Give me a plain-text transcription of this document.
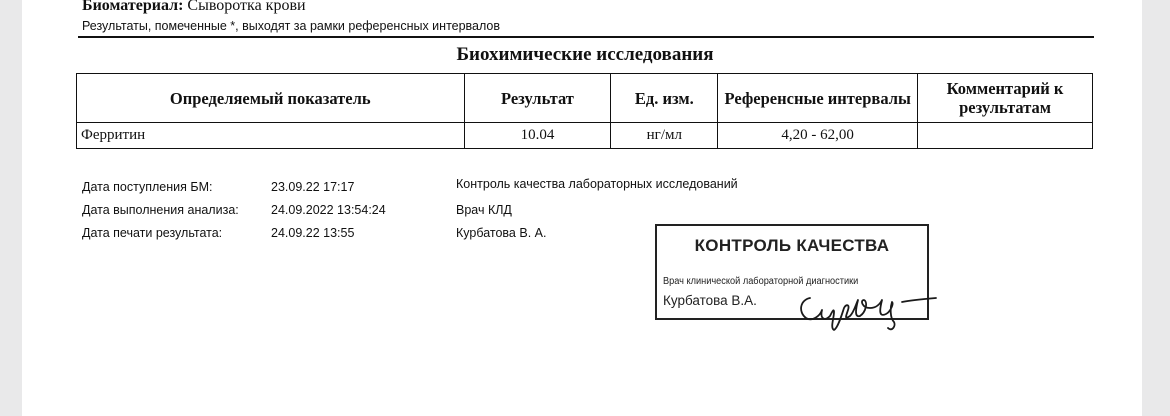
Биоматериал: Сыворотка крови
Результаты, помеченные *, выходят за рамки референсных интервалов
Биохимические исследования
Определяемый показатель	Результат	Ед. изм.	Референсные интервалы	Комментарий к результатам
Ферритин	10.04	нг/мл	4,20 - 62,00	
Дата поступления БМ:	23.09.22 17:17
Дата выполнения анализа:	24.09.2022 13:54:24
Дата печати результата:	24.09.22 13:55
Контроль качества лабораторных исследований
Врач КЛД
Курбатова В. А.
КОНТРОЛЬ КАЧЕСТВА
Врач клинической лабораторной диагностики
Курбатова В.А.
